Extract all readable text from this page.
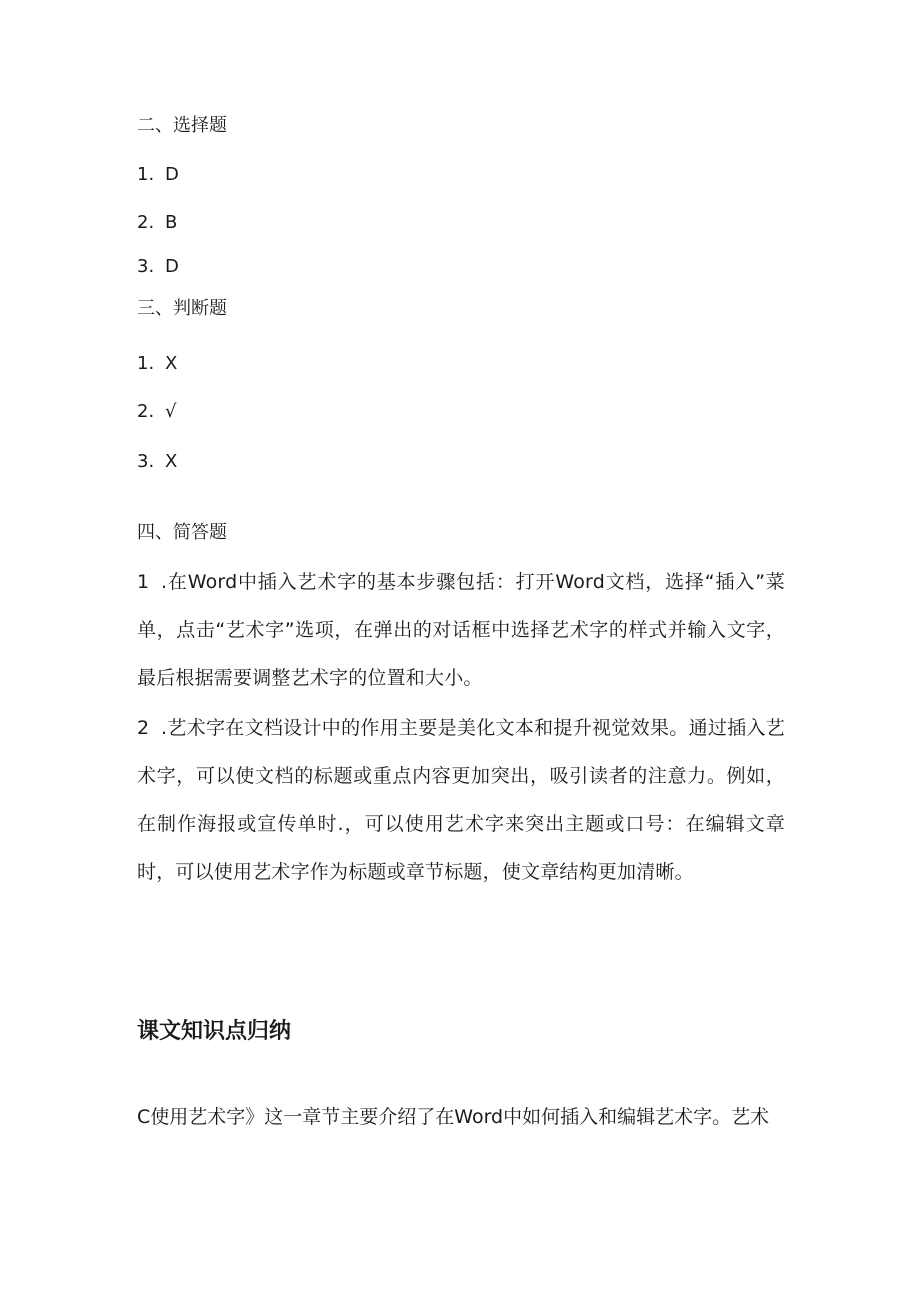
二、选择题
1. D
2. B
3. D
三、判断题
1. X
2. √
3. X
四、简答题
1 .在Word中插入艺术字的基本步骤包括：打开Word文档，选择“插入”菜单，点击“艺术字”选项，在弹出的对话框中选择艺术字的样式并输入文字，最后根据需要调整艺术字的位置和大小。
2 .艺术字在文档设计中的作用主要是美化文本和提升视觉效果。通过插入艺术字，可以使文档的标题或重点内容更加突出，吸引读者的注意力。例如，在制作海报或宣传单时.，可以使用艺术字来突出主题或口号：在编辑文章时，可以使用艺术字作为标题或章节标题，使文章结构更加清晰。
课文知识点归纳
C使用艺术字》这一章节主要介绍了在Word中如何插入和编辑艺术字。艺术
